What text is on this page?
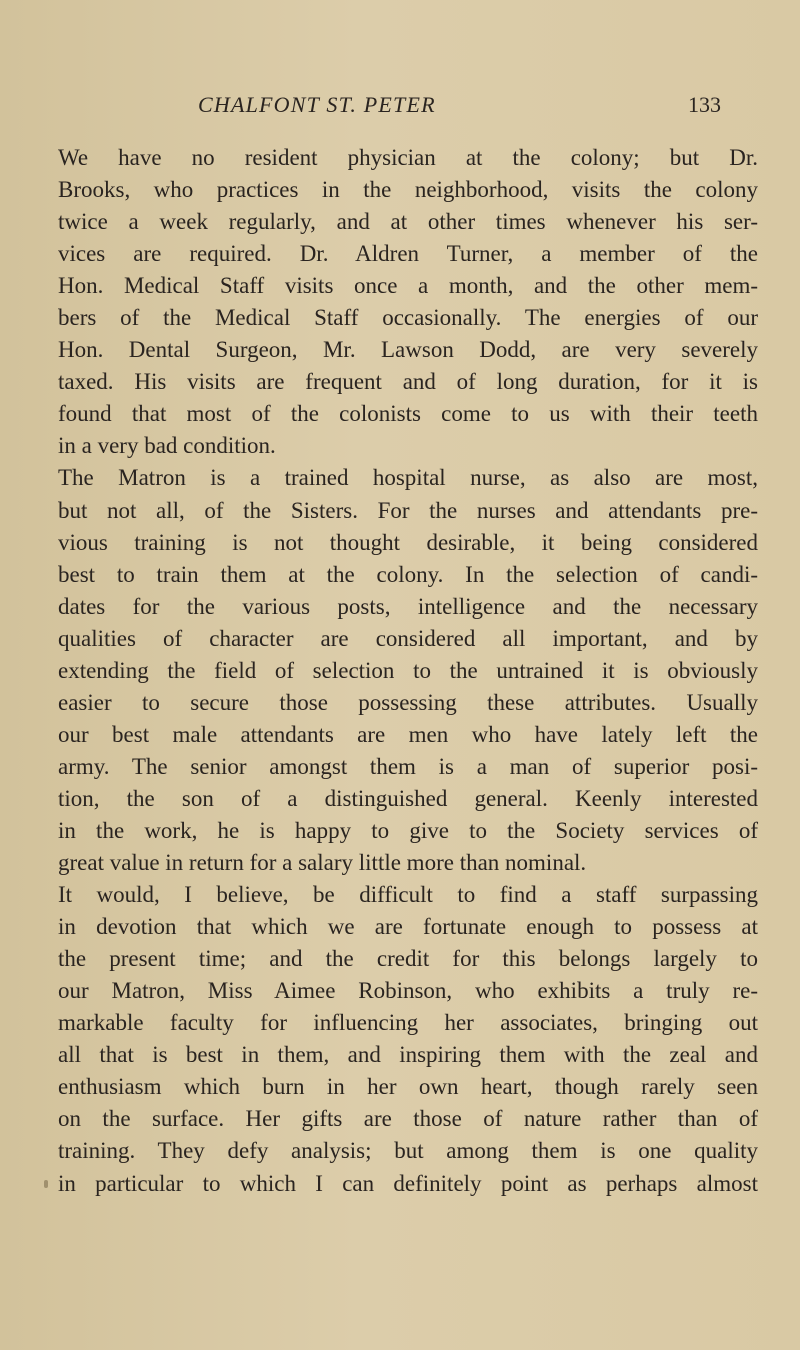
CHALFONT ST. PETER	133
We have no resident physician at the colony; but Dr.
Brooks, who practices in the neighborhood, visits the colony
twice a week regularly, and at other times whenever his ser-
vices are required. Dr. Aldren Turner, a member of the
Hon. Medical Staff visits once a month, and the other mem-
bers of the Medical Staff occasionally. The energies of our
Hon. Dental Surgeon, Mr. Lawson Dodd, are very severely
taxed. His visits are frequent and of long duration, for it is
found that most of the colonists come to us with their teeth
in a very bad condition.
The Matron is a trained hospital nurse, as also are most,
but not all, of the Sisters. For the nurses and attendants pre-
vious training is not thought desirable, it being considered
best to train them at the colony. In the selection of candi-
dates for the various posts, intelligence and the necessary
qualities of character are considered all important, and by
extending the field of selection to the untrained it is obviously
easier to secure those possessing these attributes. Usually
our best male attendants are men who have lately left the
army. The senior amongst them is a man of superior posi-
tion, the son of a distinguished general. Keenly interested
in the work, he is happy to give to the Society services of
great value in return for a salary little more than nominal.
It would, I believe, be difficult to find a staff surpassing
in devotion that which we are fortunate enough to possess at
the present time; and the credit for this belongs largely to
our Matron, Miss Aimee Robinson, who exhibits a truly re-
markable faculty for influencing her associates, bringing out
all that is best in them, and inspiring them with the zeal and
enthusiasm which burn in her own heart, though rarely seen
on the surface. Her gifts are those of nature rather than of
training. They defy analysis; but among them is one quality
in particular to which I can definitely point as perhaps almost
